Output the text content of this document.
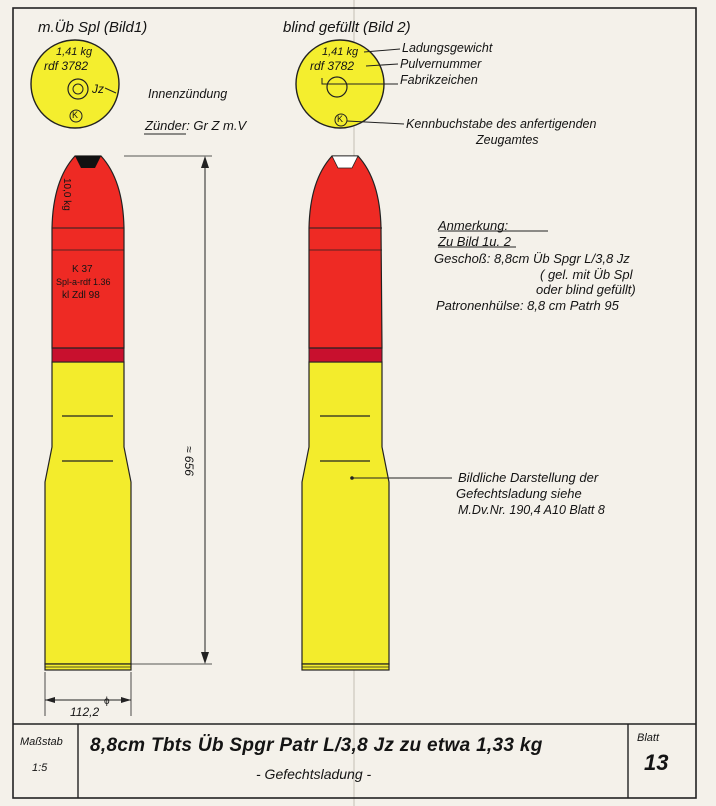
m.Üb Spl (Bild1)	blind gefüllt (Bild 2)
1,41 kg
rdf 3782
Jz
K
Innenzündung
Zünder: Gr Z m.V
1,41 kg
rdf 3782
K
Ladungsgewicht
Pulvernummer
Fabrikzeichen
Kennbuchstabe des anfertigenden
Zeugamtes
10,0 kg
K 37
Spl-a-rdf 1.36
kl Zdl 98
≈ 656
112,2
ϕ
Anmerkung:
Zu Bild 1u. 2
Geschoß: 8,8cm Üb Spgr L/3,8 Jz
( gel. mit Üb Spl
oder blind gefüllt)
Patronenhülse: 8,8 cm Patrh 95
Bildliche Darstellung der
Gefechtsladung siehe
M.Dv.Nr. 190,4 A10 Blatt 8
Maßstab
1:5
8,8cm Tbts Üb Spgr Patr L/3,8 Jz zu etwa 1,33 kg
- Gefechtsladung -
Blatt
13
